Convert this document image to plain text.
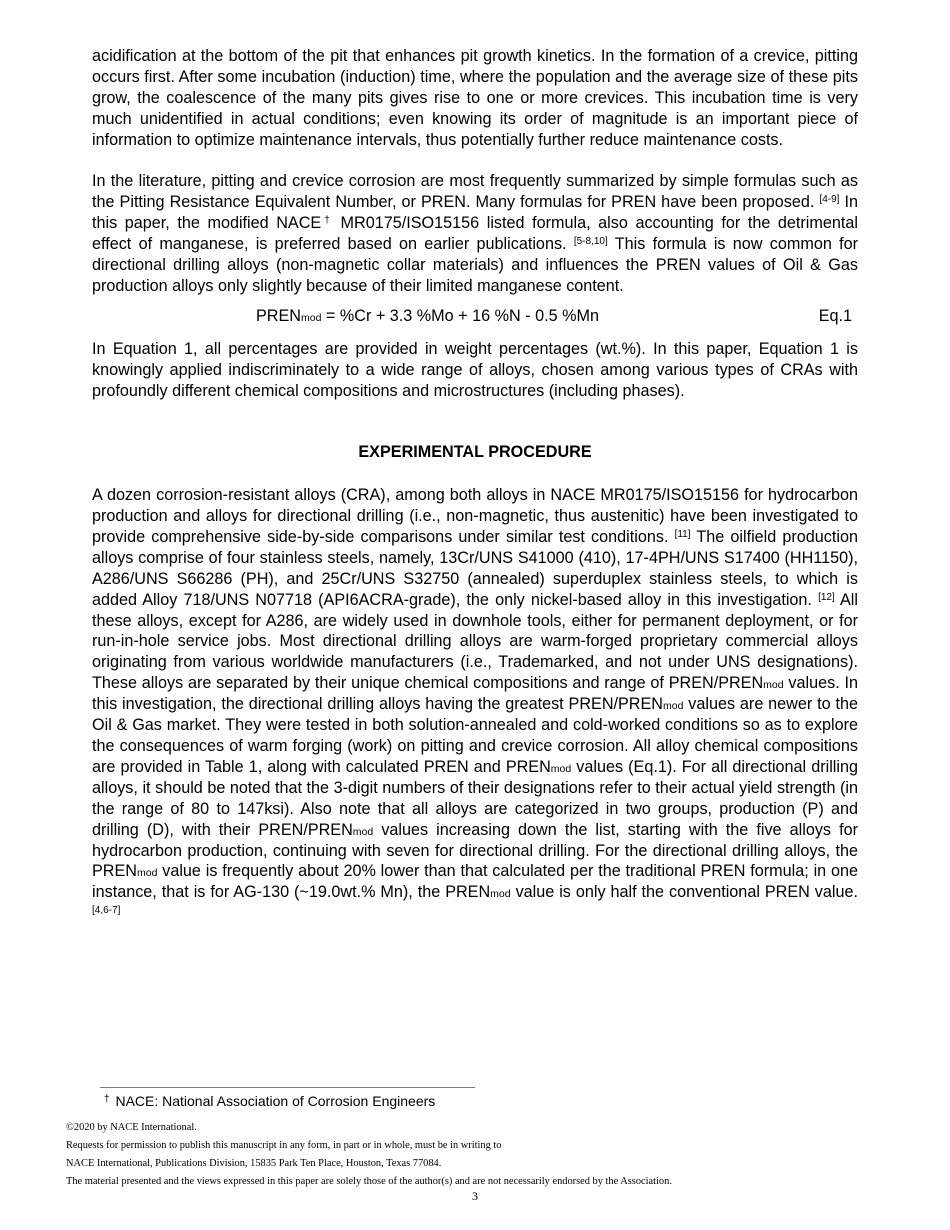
acidification at the bottom of the pit that enhances pit growth kinetics. In the formation of a crevice, pitting occurs first. After some incubation (induction) time, where the population and the average size of these pits grow, the coalescence of the many pits gives rise to one or more crevices. This incubation time is very much unidentified in actual conditions; even knowing its order of magnitude is an important piece of information to optimize maintenance intervals, thus potentially further reduce maintenance costs.

In the literature, pitting and crevice corrosion are most frequently summarized by simple formulas such as the Pitting Resistance Equivalent Number, or PREN. Many formulas for PREN have been proposed. [4-9] In this paper, the modified NACE† MR0175/ISO15156 listed formula, also accounting for the detrimental effect of manganese, is preferred based on earlier publications. [5-8,10] This formula is now common for directional drilling alloys (non-magnetic collar materials) and influences the PREN values of Oil & Gas production alloys only slightly because of their limited manganese content.

PRENmod = %Cr + 3.3 %Mo + 16 %N - 0.5 %Mn	Eq.1

In Equation 1, all percentages are provided in weight percentages (wt.%). In this paper, Equation 1 is knowingly applied indiscriminately to a wide range of alloys, chosen among various types of CRAs with profoundly different chemical compositions and microstructures (including phases).

EXPERIMENTAL PROCEDURE

A dozen corrosion-resistant alloys (CRA), among both alloys in NACE MR0175/ISO15156 for hydrocarbon production and alloys for directional drilling (i.e., non-magnetic, thus austenitic) have been investigated to provide comprehensive side-by-side comparisons under similar test conditions. [11] The oilfield production alloys comprise of four stainless steels, namely, 13Cr/UNS S41000 (410), 17-4PH/UNS S17400 (HH1150), A286/UNS S66286 (PH), and 25Cr/UNS S32750 (annealed) superduplex stainless steels, to which is added Alloy 718/UNS N07718 (API6ACRA-grade), the only nickel-based alloy in this investigation. [12] All these alloys, except for A286, are widely used in downhole tools, either for permanent deployment, or for run-in-hole service jobs. Most directional drilling alloys are warm-forged proprietary commercial alloys originating from various worldwide manufacturers (i.e., Trademarked, and not under UNS designations). These alloys are separated by their unique chemical compositions and range of PREN/PRENmod values. In this investigation, the directional drilling alloys having the greatest PREN/PRENmod values are newer to the Oil & Gas market. They were tested in both solution-annealed and cold-worked conditions so as to explore the consequences of warm forging (work) on pitting and crevice corrosion. All alloy chemical compositions are provided in Table 1, along with calculated PREN and PRENmod values (Eq.1). For all directional drilling alloys, it should be noted that the 3-digit numbers of their designations refer to their actual yield strength (in the range of 80 to 147ksi). Also note that all alloys are categorized in two groups, production (P) and drilling (D), with their PREN/PRENmod values increasing down the list, starting with the five alloys for hydrocarbon production, continuing with seven for directional drilling. For the directional drilling alloys, the PRENmod value is frequently about 20% lower than that calculated per the traditional PREN formula; in one instance, that is for AG-130 (~19.0wt.% Mn), the PRENmod value is only half the conventional PREN value. [4,6-7]

† NACE: National Association of Corrosion Engineers
©2020 by NACE International.
Requests for permission to publish this manuscript in any form, in part or in whole, must be in writing to
NACE International, Publications Division, 15835 Park Ten Place, Houston, Texas 77084.
The material presented and the views expressed in this paper are solely those of the author(s) and are not necessarily endorsed by the Association.
3
